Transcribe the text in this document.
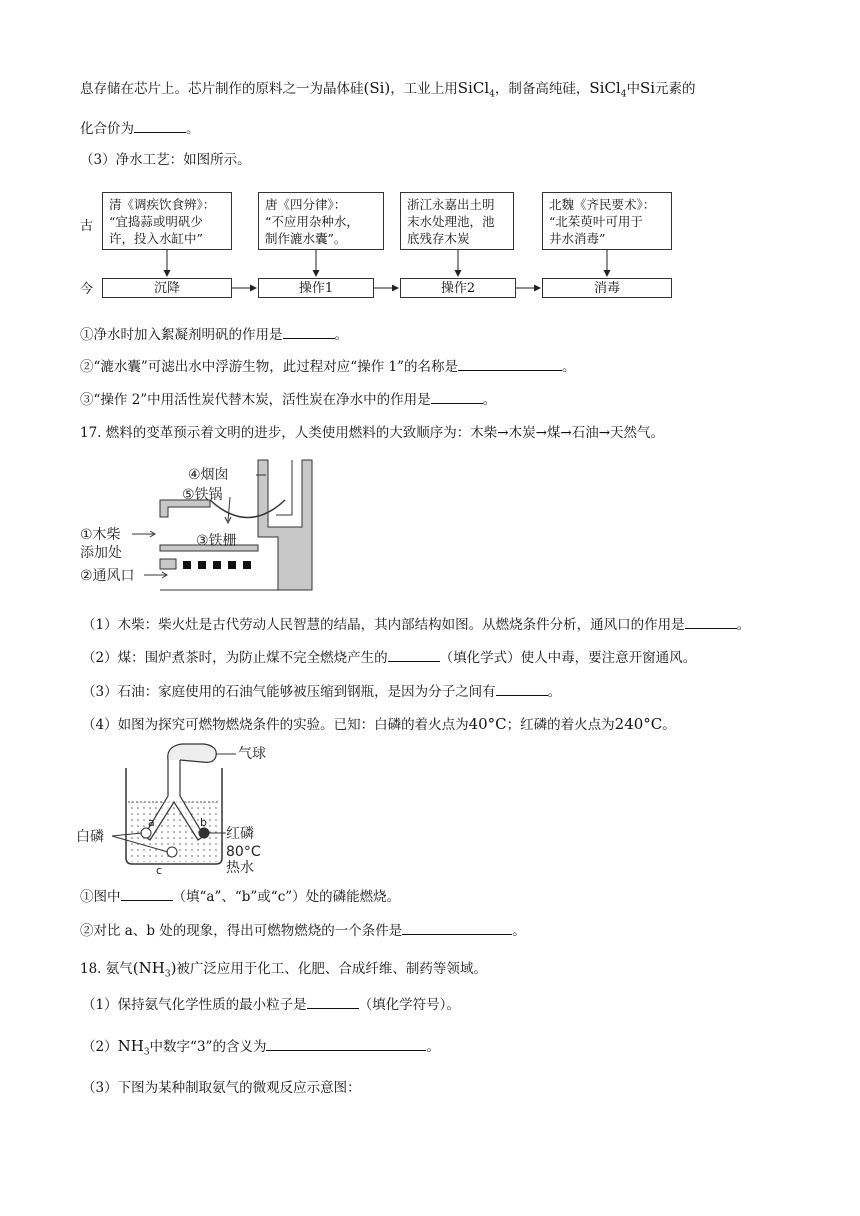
息存储在芯片上。芯片制作的原料之一为晶体硅(Si)，工业上用SiCl$_4$，制备高纯硅，SiCl$_4$中Si元素的
化合价为	。
（3）净水工艺：如图所示。
古
今
清《调疾饮食辨》：
“宜捣蒜或明矾少
许，投入水缸中”
唐《四分律》：
“不应用杂种水，
制作漉水囊”。
浙江永嘉出土明
末水处理池，池
底残存木炭
北魏《齐民要术》：
“北茱萸叶可用于
井水消毒”
沉降	操作1	操作2	消毒
①净水时加入絮凝剂明矾的作用是	。
②“漉水囊”可滤出水中浮游生物，此过程对应“操作 1”的名称是	。
③“操作 2”中用活性炭代替木炭，活性炭在净水中的作用是	。
17. 燃料的变革预示着文明的进步，人类使用燃料的大致顺序为：木柴→木炭→煤→石油→天然气。
④烟囱
⑤铁锅
①木柴
添加处
③铁栅
②通风口
（1）木柴：柴火灶是古代劳动人民智慧的结晶，其内部结构如图。从燃烧条件分析，通风口的作用是	。
（2）煤：围炉煮茶时，为防止煤不完全燃烧产生的	（填化学式）使人中毒，要注意开窗通风。
（3）石油：家庭使用的石油气能够被压缩到钢瓶，是因为分子之间有	。
（4）如图为探究可燃物燃烧条件的实验。已知：白磷的着火点为40°C；红磷的着火点为240°C。
a	b
c
气球
白磷	红磷
80°C
热水
①图中	（填“a”、“b”或“c”）处的磷能燃烧。
②对比 a、b 处的现象，得出可燃物燃烧的一个条件是	。
18. 氨气$(NH_3)$被广泛应用于化工、化肥、合成纤维、制药等领域。
（1）保持氨气化学性质的最小粒子是	（填化学符号）。
$(2)NH_3$中数字“3”的含义为	。
（3）下图为某种制取氨气的微观反应示意图：
